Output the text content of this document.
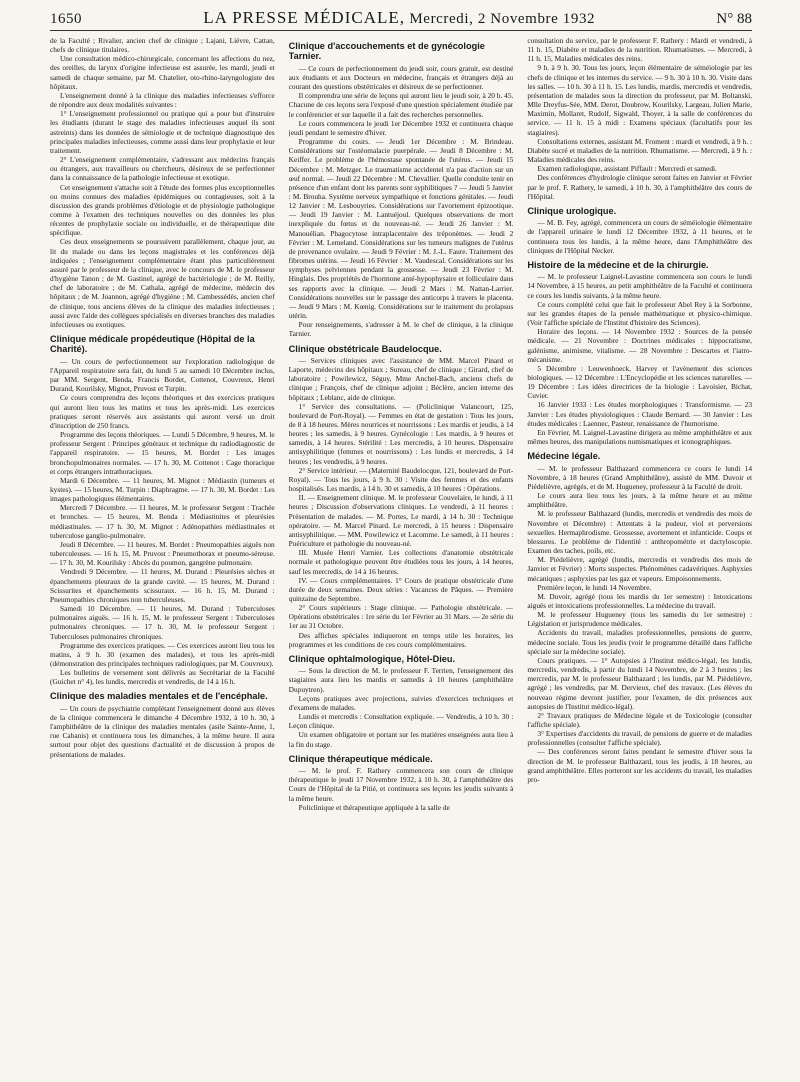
1650	LA PRESSE MÉDICALE, Mercredi, 2 Novembre 1932	N° 88

de la Faculté ; Rivalier, ancien chef de clinique ; Lajani, Lièvre, Cattan, chefs de clinique titulaires.

Une consultation médico-chirurgicale, concernant les affections du nez, des oreilles, du larynx d'origine infectieuse est assurée, les mardi, jeudi et samedi de chaque semaine, par M. Chatelier, oto-rhino-laryngologiste des hôpitaux.

L'enseignement donné à la clinique des maladies infectieuses s'efforce de répondre aux deux modalités suivantes :

1° L'enseignement professionnel ou pratique qui a pour but d'instruire les étudiants (durant le stage des maladies infectieuses auquel ils sont astreints) dans les données de sémiologie et de technique diagnostique des principales maladies infectieuses, comme aussi dans leur prophylaxie et leur traitement.

2° L'enseignement complémentaire, s'adressant aux médecins français ou étrangers, aux travailleurs ou chercheurs, désireux de se perfectionner dans la connaissance de la pathologie infectieuse et exotique.

Cet enseignement s'attache soit à l'étude des formes plus exceptionnelles ou moins connues des maladies épidémiques ou contagieuses, soit à la discussion des grands problèmes d'étiologie et de physiologie pathologique comme à l'examen des techniques nouvelles ou des données les plus récentes de prophylaxie sociale ou individuelle, et de thérapeutique dite spécifique.

Ces deux enseignements se poursuivent parallèlement, chaque jour, au lit du malade ou dans les leçons magistrales et les conférences déjà indiquées ; l'enseignement complémentaire étant plus particulièrement assuré par le professeur de la clinique, avec le concours de M. le professeur d'hygiène Tanon ; de M. Gastinel, agrégé de bactériologie ; de M. Reilly, chef de laboratoire ; de M. Cathala, agrégé de médecine, médecin des hôpitaux ; de M. Joannon, agrégé d'hygiène ; M. Cambessédès, ancien chef de clinique, tous anciens élèves de la clinique des maladies infectieuses ; aussi avec l'aide des collègues spécialisés en diverses branches des maladies infectieuses ou exotiques.

Clinique médicale propédeutique (Hôpital de la Charité).

— Un cours de perfectionnement sur l'exploration radiologique de l'Appareil respiratoire sera fait, du lundi 5 au samedi 10 Décembre inclus, par MM. Sergent, Benda, Francis Bordet, Cottenot, Couvreux, Henri Durand, Kourilsky, Mignot, Pruvost et Turpin.

Ce cours comprendra des leçons théoriques et des exercices pratiques qui auront lieu tous les matins et tous les après-midi. Les exercices pratiques seront réservés aux assistants qui auront versé un droit d'inscription de 250 francs.

Programme des leçons théoriques. — Lundi 5 Décembre, 9 heures, M. le professeur Sergent : Principes généraux et technique du radiodiagnostic de l'appareil respiratoire. — 15 heures, M. Bordet : Les images bronchopulmonaires normales. — 17 h. 30, M. Cottenot : Cage thoracique et corps étrangers intrathoraciques.

Mardi 6 Décembre. — 11 heures, M. Mignot : Médiastin (tumeurs et kystes). — 15 heures, M. Turpin : Diaphragme. — 17 h. 30, M. Bordet : Les images pathologiques élémentaires.

Mercredi 7 Décembre. — 11 heures, M. le professeur Sergent : Trachée et bronches. — 15 heures, M. Benda : Médiastinites et pleurésies médiastinales. — 17 h. 30, M. Mignot : Adénopathies médiastinales et tuberculose ganglio-pulmonaire.

Jeudi 8 Décembre. — 11 heures, M. Bordet : Pneumopathies aiguës non tuberculeuses. — 16 h. 15, M. Pruvost : Pneumothorax et pneumo-séreuse. — 17 h. 30, M. Kourilsky : Abcès du poumon, gangrène pulmonaire.

Vendredi 9 Décembre. — 11 heures, M. Durand : Pleurésies sèches et épanchements pleuraux de la grande cavité. — 15 heures, M. Durand : Scissurites et épanchements scissuraux. — 16 h. 15, M. Durand : Pneumopathies chroniques non tuberculeuses.

Samedi 10 Décembre. — 11 heures, M. Durand : Tuberculoses pulmonaires aiguës. — 16 h. 15, M. le professeur Sergent : Tuberculoses pulmonaires chroniques. — 17 h. 30, M. le professeur Sergent : Tuberculoses pulmonaires chroniques.

Programme des exercices pratiques. — Ces exercices auront lieu tous les matins, à 9 h. 30 (examen des malades), et tous les après-midi (démonstration des principales techniques radiologiques, par M. Couvreux).

Les bulletins de versement sont délivrés au Secrétariat de la Faculté (Guichet n° 4), les lundis, mercredis et vendredis, de 14 à 16 h.

Clinique des maladies mentales et de l'encéphale.

— Un cours de psychiatrie complétant l'enseignement donné aux élèves de la clinique commencera le dimanche 4 Décembre 1932, à 10 h. 30, à l'amphithéâtre de la clinique des maladies mentales (asile Sainte-Anne, 1, rue Cabanis) et continuera tous les dimanches, à la même heure. Il aura surtout pour objet des questions d'actualité et de discussion à propos de présentations de malades.

Clinique d'accouchements et de gynécologie Tarnier.

— Ce cours de perfectionnement du jeudi soir, cours gratuit, est destiné aux étudiants et aux Docteurs en médecine, français et étrangers déjà au courant des questions obstétricales et désireux de se perfectionner.

Il comprendra une série de leçons qui auront lieu le jeudi soir, à 20 h. 45. Chacune de ces leçons sera l'exposé d'une question spécialement étudiée par le conférencier et sur laquelle il a fait des recherches personnelles.

Le cours commencera le jeudi 1er Décembre 1932 et continuera chaque jeudi pendant le semestre d'hiver.

Programme du cours. — Jeudi 1er Décembre : M. Brindeau. Considérations sur l'ostéomalacie puerpérale. — Jeudi 8 Décembre : M. Keiffer. Le problème de l'hémostase spontanée de l'utérus. — Jeudi 15 Décembre : M. Metzger. Le traumatisme accidentel n'a pas d'action sur un œuf normal. — Jeudi 22 Décembre : M. Chevallier. Quelle conduite tenir en présence d'un enfant dont les parents sont syphilitiques ? — Jeudi 5 Janvier : M. Brouha. Système nerveux sympathique et fonctions génitales. — Jeudi 12 Janvier : M. Lesbouyries. Considérations sur l'avortement épizootique. — Jeudi 19 Janvier : M. Lantuéjoul. Quelques observations de mort inexpliquée du fœtus et du nouveau-né. — Jeudi 26 Janvier : M. Manouélian. Phagocytose intraplacentaire des tréponèmes. — Jeudi 2 Février : M. Lemeland. Considérations sur les tumeurs malignes de l'utérus de provenance ovulaire. — Jeudi 9 Février : M. J.-L. Faure. Traitement des fibromes utérins. — Jeudi 16 Février : M. Vaudescal. Considérations sur les symphyses pelviennes pendant la grossesse. — Jeudi 23 Février : M. Hinglais. Des propriétés de l'hormone anté-hypophysaire et folliculaire dans ses rapports avec la clinique. — Jeudi 2 Mars : M. Nattan-Larrier. Considérations nouvelles sur le passage des anticorps à travers le placenta. — Jeudi 9 Mars : M. Kœnig. Considérations sur le traitement du prolapsus utérin.

Pour renseignements, s'adresser à M. le chef de clinique, à la clinique Tarnier.

Clinique obstétricale Baudelocque.

— Services cliniques avec l'assistance de MM. Marcel Pinard et Laporte, médecins des hôpitaux ; Sureau, chef de clinique ; Girard, chef de laboratoire ; Powilewicz, Séguy, Mme Anchel-Bach, anciens chefs de clinique ; François, chef de clinique adjoint ; Béclère, ancien interne des hôpitaux ; Leblanc, aide de clinique.

1° Service des consultations. — (Policlinique Valancourt, 125, boulevard de Port-Royal). — Femmes en état de gestation : Tous les jours, de 8 à 18 heures. Mères nourrices et nourrissons : Les mardis et jeudis, à 14 heures ; les samedis, à 9 heures. Gynécologie : Les mardis, à 9 heures et samedis, à 14 heures. Stérilité : Les mercredis, à 10 heures. Dispensaire antisyphilitique (femmes et nourrissons) : Les lundis et mercredis, à 14 heures ; les vendredis, à 9 heures.

2° Service intérieur. — (Maternité Baudelocque, 121, boulevard de Port-Royal). — Tous les jours, à 9 h. 30 : Visite des femmes et des enfants hospitalisés. Les mardis, à 14 h. 30 et samedis, à 10 heures : Opérations.

II. — Enseignement clinique. M. le professeur Couvelaire, le lundi, à 11 heures ; Discussion d'observations cliniques. Le vendredi, à 11 heures : Présentation de malades. — M. Portes, Le mardi, à 14 h. 30 : Technique opératoire. — M. Marcel Pinard. Le mercredi, à 15 heures : Dispensaire antisyphilitique. — MM. Powilewicz et Lacomme. Le samedi, à 11 heures : Puériculture et pathologie du nouveau-né.

III. Musée Henri Varnier. Les collections d'anatomie obstétricale normale et pathologique peuvent être étudiées tous les jours, à 14 heures, sauf les mercredis, de 14 à 16 heures.

IV. — Cours complémentaires. 1° Cours de pratique obstétricale d'une durée de deux semaines. Deux séries : Vacances de Pâques. — Première quinzaine de Septembre.

2° Cours supérieurs : Stage clinique. — Pathologie obstétricale. — Opérations obstétricales : 1re série du 1er Février au 31 Mars. — 2e série du 1er au 31 Octobre.

Des affiches spéciales indiqueront en temps utile les horaires, les programmes et les conditions de ces cours complémentaires.

Clinique ophtalmologique, Hôtel-Dieu.

— Sous la direction de M. le professeur F. Terrien, l'enseignement des stagiaires aura lieu les mardis et samedis à 10 heures (amphithéâtre Dupuytren).

Leçons pratiques avec projections, suivies d'exercices techniques et d'examens de malades.

Lundis et mercredis : Consultation expliquée. — Vendredis, à 10 h. 30 : Leçon clinique.

Un examen obligatoire et portant sur les matières enseignées aura lieu à la fin du stage.

Clinique thérapeutique médicale.

— M. le prof. F. Rathery commencera son cours de clinique thérapeutique le jeudi 17 Novembre 1932, à 10 h. 30, à l'amphithéâtre des Cours de l'Hôpital de la Pitié, et continuera ses leçons les jeudis suivants à la même heure.

Policlinique et thérapeutique appliquée à la salle de

consultation du service, par le professeur F. Rathery : Mardi et vendredi, à 11 h. 15, Diabète et maladies de la nutrition. Rhumatismes. — Mercredi, à 11 h. 15, Maladies médicales des reins.

9 h. à 9 h. 30. Tous les jours, leçon élémentaire de séméiologie par les chefs de clinique et les internes du service. — 9 h. 30 à 10 h. 30. Visite dans les salles. — 10 h. 30 à 11 h. 15. Les lundis, mardis, mercredis et vendredis, présentation de malades sous la direction du professeur, par M. Boltanski, Mlle Dreyfus-Sée, MM. Derot, Doubrow, Kourilsky, Largeau, Julien Marie, Maximin, Mollaret, Rudolf, Sigwald, Thoyer, à la salle de conférences du service. — 11 h. 15 à midi : Examens spéciaux (facultatifs pour les stagiaires).

Consultations externes, assistant M. Froment : mardi et vendredi, à 9 h. : Diabète sucré et maladies de la nutrition. Rhumatisme. — Mercredi, à 9 h. : Maladies médicales des reins.

Examen radiologique, assistant Piffault : Mercredi et samedi.

Des conférences d'hydrologie clinique seront faites en Janvier et Février par le prof. F. Rathery, le samedi, à 10 h. 30, à l'amphithéâtre des cours de l'Hôpital.

Clinique urologique.

— M. B. Fey, agrégé, commencera un cours de séméiologie élémentaire de l'appareil urinaire le lundi 12 Décembre 1932, à 11 heures, et le continuera tous les lundis, à la même heure, dans l'Amphithéâtre des cliniques de l'Hôpital Necker.

Histoire de la médecine et de la chirurgie.

— M. le professeur Laignel-Lavastine commencera son cours le lundi 14 Novembre, à 15 heures, au petit amphithéâtre de la Faculté et continuera ce cours les lundis suivants, à la même heure.

Ce cours complété celui que fait le professeur Abel Rey à la Sorbonne, sur les grandes étapes de la pensée mathématique et physico-chimique. (Voir l'affiche spéciale de l'Institut d'histoire des Sciences).

Horaire des leçons. — 14 Novembre 1932 : Sources de la pensée médicale. — 21 Novembre : Doctrines médicales : hippocratisme, galénisme, animisme, vitalisme. — 28 Novembre : Descartes et l'iatro-mécanisme.

5 Décembre : Leuwenhoeck, Harvey et l'avènement des sciences biologiques. — 12 Décembre : L'Encyclopédie et les sciences naturelles. — 19 Décembre : Les idées directrices de la biologie : Lavoisier, Bichat, Cuvier.

16 Janvier 1933 : Les études morphologiques : Transformisme. — 23 Janvier : Les études physiologiques : Claude Bernard. — 30 Janvier : Les études médicales : Laennec, Pasteur, renaissance de l'humorisme.

En Février, M. Laignel-Lavastine dirigera au même amphithéâtre et aux mêmes heures, des manipulations numismatiques et iconographiques.

Médecine légale.

— M. le professeur Balthazard commencera ce cours le lundi 14 Novembre, à 18 heures (Grand Amphithéâtre), assisté de MM. Duvoir et Piédelièvre, agrégés, et de M. Hugueney, professeur à la Faculté de droit.

Le cours aura lieu tous les jours, à la même heure et au même amphithéâtre.

M. le professeur Balthazard (lundis, mercredis et vendredis des mois de Novembre et Décembre) : Attentats à la pudeur, viol et perversions sexuelles. Hermaphrodisme. Grossesse, avortement et infanticide. Coups et blessures. Le problème de l'identité : anthropométrie et dactyloscopie. Examen des taches, poils, etc.

M. Piédelièvre, agrégé (lundis, mercredis et vendredis des mois de Janvier et Février) : Morts suspectes. Phénomènes cadavériques. Asphyxies mécaniques ; asphyxies par les gaz et vapeurs. Empoisonnements.

Première leçon, le lundi 14 Novembre.

M. Duvoir, agrégé (tous les mardis du 1er semestre) : Intoxications aiguës et intoxications professionnelles. La médecine du travail.

M. le professeur Hugueney (tous les samedis du 1er semestre) : Législation et jurisprudence médicales.

Accidents du travail, maladies professionnelles, pensions de guerre, médecine sociale. Tous les jeudis (voir le programme détaillé dans l'affiche spéciale sur la médecine sociale).

Cours pratiques. — 1° Autopsies à l'Institut médico-légal, les lundis, mercredis, vendredis, à partir du lundi 14 Novembre, de 2 à 3 heures ; les mercredis, par M. le professeur Balthazard ; les lundis, par M. Piédelièvre, agrégé ; les vendredis, par M. Dervieux, chef des travaux. (Les élèves du nouveau régime devront justifier, pour l'examen, de dix présences aux autopsies de l'Institut médico-légal).

2° Travaux pratiques de Médecine légale et de Toxicologie (consulter l'affiche spéciale).

3° Expertises d'accidents du travail, de pensions de guerre et de maladies professionnelles (consulter l'affiche spéciale).

— Des conférences seront faites pendant le semestre d'hiver sous la direction de M. le professeur Balthazard, tous les jeudis, à 18 heures, au grand amphithéâtre. Elles porteront sur les accidents du travail, les maladies pro-
